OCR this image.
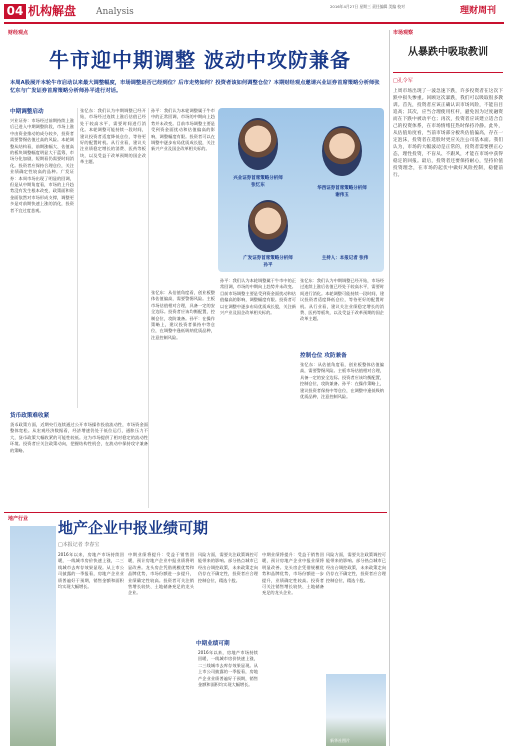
04 机构解盘 Analysis
2016年4月27日 星期三 责任编辑 美编 校对	理财周刊
财经观点
牛市迎中期调整 波动中攻防兼备
本周A股展开本轮牛市启动以来最大调整幅度，市场调整是否已经到位？后市走势如何？投资者该如何调整仓位？本期财经观点邀请兴业证券首席策略分析师张忆东与广发证券首席策略分析师孙平进行对话。
中期调整启动
兴业证券：市场经过前期持续上涨后已进入中期调整阶段，市场上涨中由资金推动的成分较多，投资者需要警惕估值过高的风险。本轮调整从结构看，前期涨幅大、估值高的板块调整幅度明显大于蓝筹，市场分化加剧，短期看仍需要时间消化。投资者应保持合理仓位，关注业绩确定性较高的品种。广发证券：本周市场出现了明显的回调，但是从中期角度看，市场的上升趋势没有发生根本改变，政策面和资金面依然对市场形成支撑，调整更多是对前期快速上涨的消化，投资者不宜过度悲观。
货币政策难收紧
货币政策方面，近期央行连续通过公开市场操作投放流动性，市场资金面整体宽松。从宏观经济数据看，经济增速仍处于低位运行，通胀压力不大，货币政策大幅收紧的可能性较低。这为市场提供了相对稳定的流动性环境。投资者应关注政策动向，把握结构性机会，在波动中保持攻守兼备的策略。
张忆东：我们认为中期调整已经开始，市场经过连续上涨后估值已经处于较高水平，需要时间进行消化。本轮调整可能持续一段时间，建议投资者适度降低仓位，等待更好的配置时机。从行业看，建议关注业绩稳定增长的消费、医药等板块，以及受益于改革预期的国企改革主题。
孙平：我们认为本轮调整属于牛市中的正常回调，市场的中期向上趋势并未改变。目前市场调整主要是受到资金面扰动和估值偏高的影响，调整幅度有限。投资者可以在调整中逐步布局优质成长股，关注新兴产业及国企改革相关标的。
兴业证券首席策略分析师
张忆东
华西证券首席策略分析师
谢伟玉
广发证券首席策略分析师
孙平
主持人：本报记者 张伟
张忆东：从估值角度看，创业板整体估值偏高，需要警惕风险。主板市场估值相对合理，具备一定的安全边际。投资者应该均衡配置，控制仓位，攻防兼备。孙平：在操作策略上，建议投资者保持中等仓位，在调整中逢低吸纳优质品种，注意控制风险。
孙平：我们认为本轮调整属于牛市中的正常回调，市场的中期向上趋势并未改变。目前市场调整主要是受到资金面扰动和估值偏高的影响，调整幅度有限。投资者可以在调整中逐步布局优质成长股，关注新兴产业及国企改革相关标的。
控制仓位 攻防兼备
张忆东：我们认为中期调整已经开始，市场经过连续上涨后估值已经处于较高水平，需要时间进行消化。本轮调整可能持续一段时间，建议投资者适度降低仓位，等待更好的配置时机。从行业看，建议关注业绩稳定增长的消费、医药等板块，以及受益于改革预期的国企改革主题。
张忆东：从估值角度看，创业板整体估值偏高，需要警惕风险。主板市场估值相对合理，具备一定的安全边际。投资者应该均衡配置，控制仓位，攻防兼备。孙平：在操作策略上，建议投资者保持中等仓位，在调整中逢低吸纳优质品种，注意控制风险。
地产行业 地产企业中报业绩可期
□本报记者 李春宝
2016年以来，房地产市场持续回暖，一线城市房价快速上涨，二三线城市去库存效果显现。从上市公司披露的一季报看，房地产企业业绩普遍好于预期，销售金额和面积均实现大幅增长。
中期业绩将提升：受益于销售回暖，预计房地产企业中报业绩将明显改善。龙头房企凭借规模优势和品牌优势，市场份额进一步提升，业绩确定性较高。投资者可关注销售增长较快、土地储备充足的龙头企业。
中期业绩可期
风险方面，需要关注政策调控可能带来的影响。部分热点城市已经出台调控政策，未来政策走向仍存在不确定性，投资者应合理控制仓位，精选个股。
2016年以来，房地产市场持续回暖，一线城市房价快速上涨，二三线城市去库存效果显现。从上市公司披露的一季报看，房地产企业业绩普遍好于预期，销售金额和面积均实现大幅增长。
中期业绩将提升：受益于销售回暖，预计房地产企业中报业绩将明显改善。龙头房企凭借规模优势和品牌优势，市场份额进一步提升，业绩确定性较高。投资者可关注销售增长较快、土地储备充足的龙头企业。
风险方面，需要关注政策调控可能带来的影响。部分热点城市已经出台调控政策，未来政策走向仍存在不确定性，投资者应合理控制仓位，精选个股。
新华社图片
市场观察
从暴跌中吸取教训
□孔令军
上周市场出现了一波急速下跌，许多投资者在这次下跌中损失惨重。回顾这次暴跌，我们可以吸取很多教训。首先，投资者应该正确认识市场风险，不能盲目追高；其次，应当合理使用杠杆，避免因为过度融资而在下跌中被动平仓；再次，投资者应该建立适合自己的投资体系，在市场情绪狂热时保持冷静。此外，从估值角度看，当前市场部分板块估值偏高，存在一定泡沫，投资者在选股时更应关注公司基本面。我们认为，市场的大幅波动是正常的，投资者需要摆正心态，理性投资，不盲从、不跟风，才能在市场中获得稳定的回报。最后，投资者还要保持耐心，坚持价值投资理念，在市场的起伏中做好风险控制，稳健前行。
